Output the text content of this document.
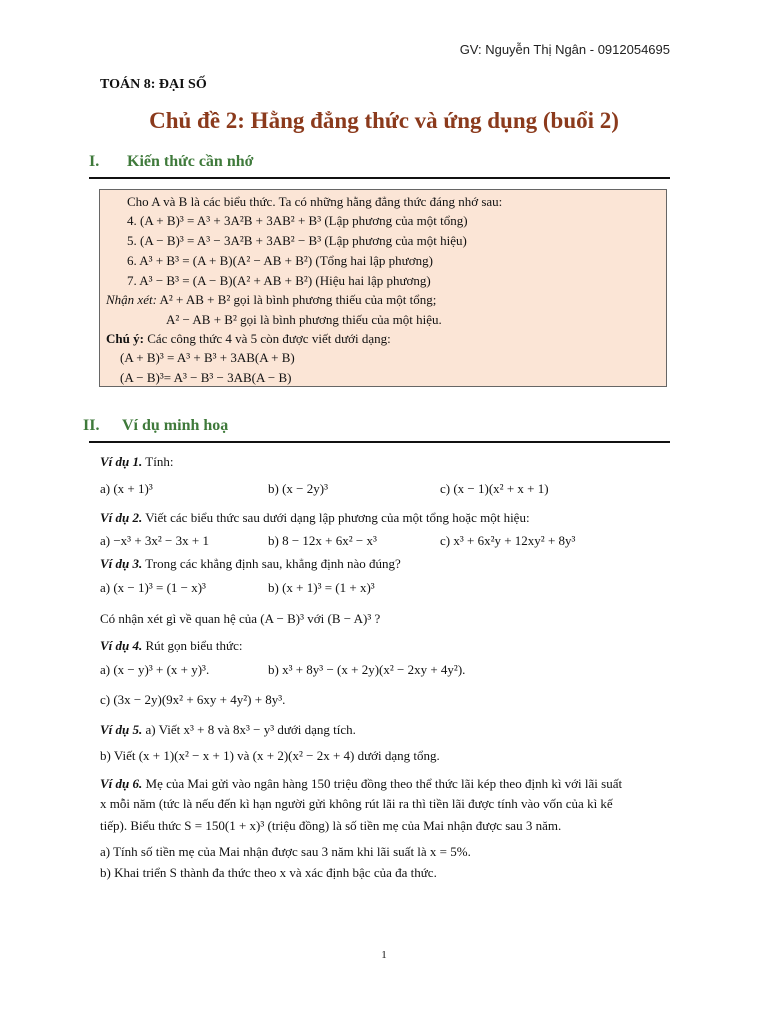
GV: Nguyễn Thị Ngân - 0912054695
TOÁN 8: ĐẠI SỐ
Chủ đề 2: Hằng đẳng thức và ứng dụng (buổi 2)
I. Kiến thức cần nhớ
Cho A và B là các biểu thức. Ta có những hằng đẳng thức đáng nhớ sau:
4. (A + B)³ = A³ + 3A²B + 3AB² + B³ (Lập phương của một tổng)
5. (A − B)³ = A³ − 3A²B + 3AB² − B³ (Lập phương của một hiệu)
6. A³ + B³ = (A + B)(A² − AB + B²) (Tổng hai lập phương)
7. A³ − B³ = (A − B)(A² + AB + B²) (Hiệu hai lập phương)
Nhận xét: A² + AB + B² gọi là bình phương thiếu của một tổng;
A² − AB + B² gọi là bình phương thiếu của một hiệu.
Chú ý: Các công thức 4 và 5 còn được viết dưới dạng:
(A + B)³ = A³ + B³ + 3AB(A + B)
(A − B)³= A³ − B³ − 3AB(A − B)
II. Ví dụ minh hoạ
Ví dụ 1. Tính:
a) (x + 1)³	b) (x − 2y)³	c) (x − 1)(x² + x + 1)
Ví dụ 2. Viết các biểu thức sau dưới dạng lập phương của một tổng hoặc một hiệu:
a) −x³ + 3x² − 3x + 1	b) 8 − 12x + 6x² − x³	c) x³ + 6x²y + 12xy² + 8y³
Ví dụ 3. Trong các khẳng định sau, khẳng định nào đúng?
a) (x − 1)³ = (1 − x)³	b) (x + 1)³ = (1 + x)³
Có nhận xét gì về quan hệ của (A − B)³ với (B − A)³ ?
Ví dụ 4. Rút gọn biểu thức:
a) (x − y)³ + (x + y)³.	b) x³ + 8y³ − (x + 2y)(x² − 2xy + 4y²).
c) (3x − 2y)(9x² + 6xy + 4y²) + 8y³.
Ví dụ 5. a) Viết x³ + 8 và 8x³ − y³ dưới dạng tích.
b) Viết (x + 1)(x² − x + 1) và (x + 2)(x² − 2x + 4) dưới dạng tổng.
Ví dụ 6. Mẹ của Mai gửi vào ngân hàng 150 triệu đồng theo thể thức lãi kép theo định kì với lãi suất
x mỗi năm (tức là nếu đến kì hạn người gửi không rút lãi ra thì tiền lãi được tính vào vốn của kì kế
tiếp). Biểu thức S = 150(1 + x)³ (triệu đồng) là số tiền mẹ của Mai nhận được sau 3 năm.
a) Tính số tiền mẹ của Mai nhận được sau 3 năm khi lãi suất là x = 5%.
b) Khai triển S thành đa thức theo x và xác định bậc của đa thức.
1
